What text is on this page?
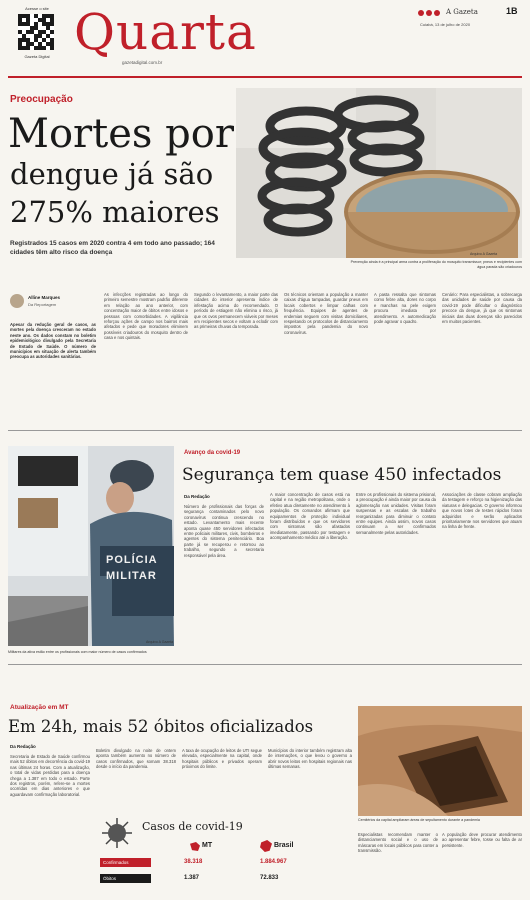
Acesse o site
Gazeta Digital Quarta
gazetadigital.com.br
A Gazeta	1B
Cuiabá, 13 de julho de 2020
Preocupação
Mortes por
dengue já são
275% maiores
Registrados 15 casos em 2020 contra 4 em todo ano passado; 164 cidades têm alto risco da doença	Arquivo A Gazeta
Prevenção ainda é a principal arma contra a proliferação do mosquito transmissor; pneus e recipientes com água parada são criadouros
Alline Marques
Da Reportagem
Apesar da redução geral de casos, as mortes pela doença cresceram no estado neste ano. Os dados constam no boletim epidemiológico divulgado pela Secretaria de Estado de Saúde. O número de municípios em situação de alerta também preocupa as autoridades sanitárias.
As infecções registradas ao longo do primeiro semestre mostram padrão diferente em relação ao ano anterior, com concentração maior de óbitos entre idosos e pessoas com comorbidades. A vigilância reforçou ações de campo nos bairros mais afetados e pede que moradores eliminem possíveis criadouros do mosquito dentro de casa e nos quintais.
Segundo o levantamento, a maior parte das cidades do interior apresenta índice de infestação acima do recomendado. O período de estiagem não elimina o risco, já que os ovos permanecem viáveis por meses em recipientes secos e voltam a eclodir com as primeiras chuvas da temporada.
Os técnicos orientam a população a manter caixas d'água tampadas, guardar pneus em locais cobertos e limpar calhas com frequência. Equipes de agentes de endemias seguem com visitas domiciliares, respeitando os protocolos de distanciamento impostos pela pandemia do novo coronavírus.
A pasta ressalta que sintomas como febre alta, dores no corpo e manchas na pele exigem procura imediata por atendimento. A automedicação pode agravar o quadro.
Cenário: Para especialistas, a sobrecarga das unidades de saúde por causa da covid-19 pode dificultar o diagnóstico precoce da dengue, já que os sintomas iniciais das duas doenças são parecidos em muitos pacientes.
POLÍCIA
MILITAR
Arquivo A Gazeta
Militares da ativa estão entre os profissionais com maior número de casos confirmados
Avanço da covid-19
Segurança tem quase 450 infectados
Da Redação
Número de profissionais das forças de segurança contaminados pelo novo coronavírus continua crescendo no estado. Levantamento mais recente aponta quase 450 servidores infectados entre policiais militares, civis, bombeiros e agentes do sistema penitenciário. Boa parte já se recuperou e retornou ao trabalho, segundo a secretaria responsável pela área.
A maior concentração de casos está na capital e na região metropolitana, onde o efetivo atua diretamente no atendimento à população. Os comandos afirmam que equipamentos de proteção individual foram distribuídos e que os servidores com sintomas são afastados imediatamente, passando por testagem e acompanhamento médico até a liberação.
Entre os profissionais do sistema prisional, a preocupação é ainda maior por causa da aglomeração nas unidades. Visitas foram suspensas e as escalas de trabalho reorganizadas para diminuir o contato entre equipes. Ainda assim, novos casos continuam a ser confirmados semanalmente pelas autoridades.
Associações de classe cobram ampliação da testagem e reforço na higienização das viaturas e delegacias. O governo informou que novos lotes de testes rápidos foram adquiridos e serão aplicados prioritariamente nos servidores que atuam na linha de frente.
Atualização em MT
Em 24h, mais 52 óbitos oficializados
Da Redação
Cemitérios da capital ampliaram áreas de sepultamento durante a pandemia
Secretaria de Estado de Saúde confirmou mais 52 óbitos em decorrência da covid-19 nas últimas 24 horas. Com a atualização, o total de vidas perdidas para a doença chega a 1.387 em todo o estado. Parte dos registros, porém, refere-se a mortes ocorridas em dias anteriores e que aguardavam confirmação laboratorial.
Boletim divulgado na noite de ontem aponta também aumento no número de casos confirmados, que somam 38.318 desde o início da pandemia.
A taxa de ocupação de leitos de UTI segue elevada, especialmente na capital, onde hospitais públicos e privados operam próximos do limite.
Municípios do interior também registram alta de internações, o que levou o governo a abrir novos leitos em hospitais regionais nas últimas semanas.
Especialistas recomendam manter o distanciamento social e o uso de máscaras em locais públicos para conter a transmissão.
A população deve procurar atendimento ao apresentar febre, tosse ou falta de ar persistente.
Casos de covid-19
MT	Brasil
Confirmados	38.318	1.884.967
Óbitos	1.387	72.833
